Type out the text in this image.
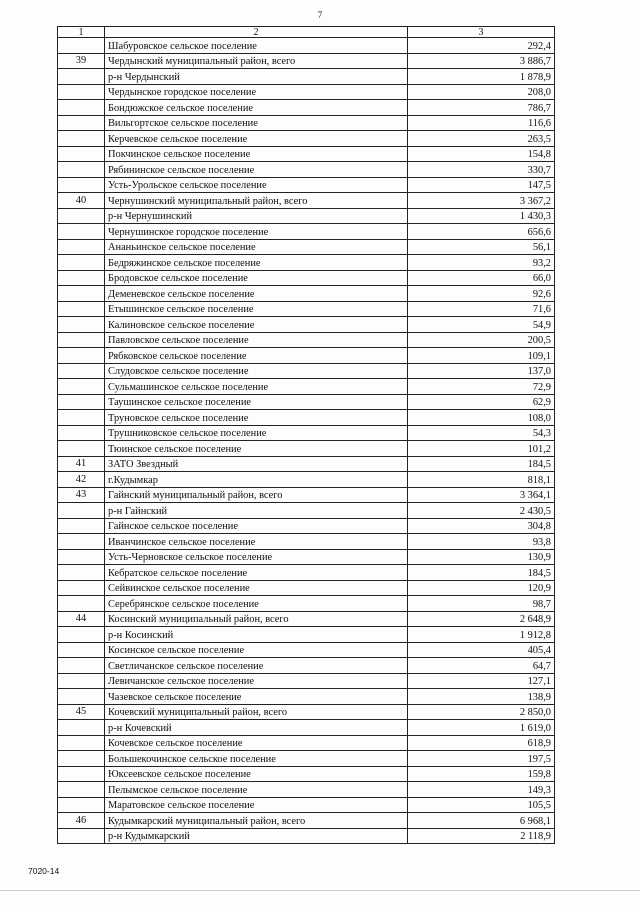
7
1	2	3
	Шабуровское сельское поселение	292,4
39	Чердынский муниципальный район, всего	3 886,7
	р-н Чердынский	1 878,9
	Чердынское городское поселение	208,0
	Бондюжское сельское поселение	786,7
	Вильгортское сельское поселение	116,6
	Керчевское сельское поселение	263,5
	Покчинское сельское поселение	154,8
	Рябининское сельское поселение	330,7
	Усть-Урольское сельское поселение	147,5
40	Чернушинский муниципальный район, всего	3 367,2
	р-н Чернушинский	1 430,3
	Чернушинское городское поселение	656,6
	Ананьинское сельское поселение	56,1
	Бедряжинское сельское поселение	93,2
	Бродовское сельское поселение	66,0
	Деменевское сельское поселение	92,6
	Етышинское сельское поселение	71,6
	Калиновское сельское поселение	54,9
	Павловское сельское поселение	200,5
	Рябковское сельское поселение	109,1
	Слудовское сельское поселение	137,0
	Сульмашинское сельское поселение	72,9
	Таушинское сельское поселение	62,9
	Труновское сельское поселение	108,0
	Трушниковское сельское поселение	54,3
	Тюинское сельское поселение	101,2
41	ЗАТО Звездный	184,5
42	г.Кудымкар	818,1
43	Гайнский муниципальный район, всего	3 364,1
	р-н Гайнский	2 430,5
	Гайнское сельское поселение	304,8
	Иванчинское сельское поселение	93,8
	Усть-Черновское сельское поселение	130,9
	Кебратское сельское поселение	184,5
	Сейвинское сельское поселение	120,9
	Серебрянское сельское поселение	98,7
44	Косинский муниципальный район, всего	2 648,9
	р-н Косинский	1 912,8
	Косинское сельское поселение	405,4
	Светличанское сельское поселение	64,7
	Левичанское сельское поселение	127,1
	Чазевское сельское поселение	138,9
45	Кочевский муниципальный район, всего	2 850,0
	р-н Кочевский	1 619,0
	Кочевское сельское поселение	618,9
	Большекочинское сельское поселение	197,5
	Юксеевское сельское поселение	159,8
	Пелымское сельское поселение	149,3
	Маратовское сельское поселение	105,5
46	Кудымкарский муниципальный район, всего	6 968,1
	р-н Кудымкарский	2 118,9
7020-14
